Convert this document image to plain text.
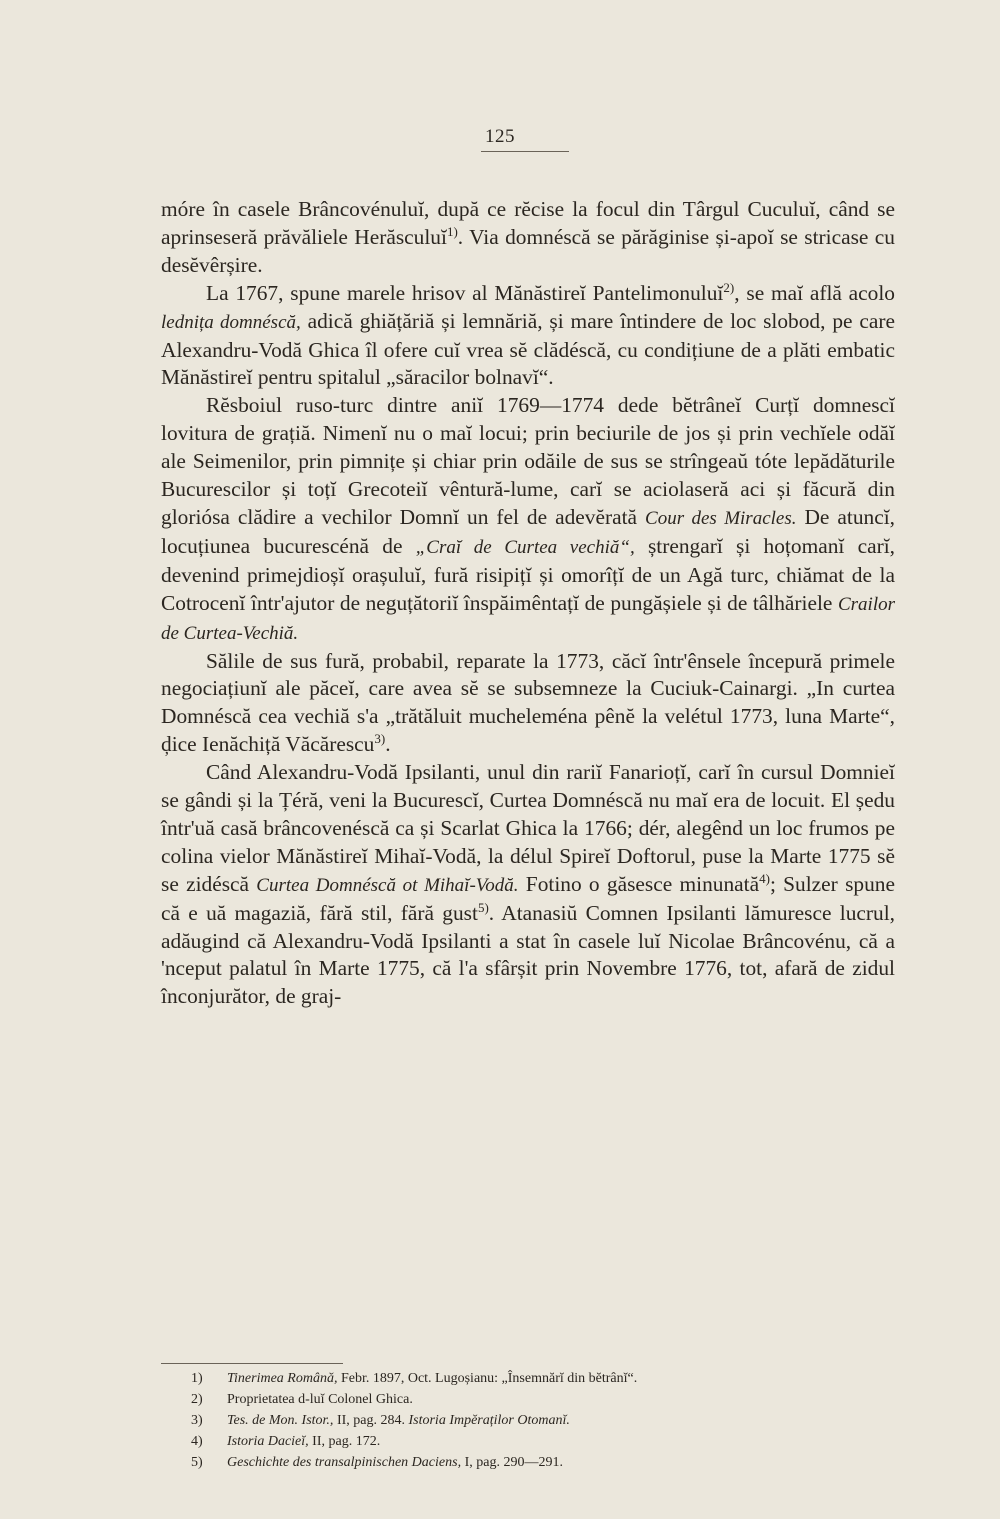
125

móre în casele Brâncovénuluĭ, după ce rĕcise la focul din Târgul Cuculuĭ, când se aprinseseră prăvăliele Herăsculuĭ$^{1)}$. Via domnéscă se părăginise și-apoĭ se stricase cu desĕvêrșire.

La 1767, spune marele hrisov al Mănăstireĭ Pantelimonuluĭ$^{2)}$, se maĭ află acolo lednița domnéscă, adică ghiățăriă și lemnăriă, și mare întindere de loc slobod, pe care Alexandru-Vodă Ghica îl ofere cuĭ vrea sĕ clădéscă, cu condițiune de a plăti embatic Mănăstireĭ pentru spitalul „săracilor bolnavĭ“.

Rĕsboiul ruso-turc dintre aniĭ 1769—1774 dede bĕtrâneĭ Curțĭ domnescĭ lovitura de grațiă. Nimenĭ nu o maĭ locui; prin beciurile de jos și prin vechĭele odăĭ ale Seimenilor, prin pimnițe și chiar prin odăile de sus se strîngeaŭ tóte lepădăturile Bucurescilor și toțĭ Grecoteiĭ vêntură-lume, carĭ se aciolaseră aci și făcură din glorіósa clădire a vechilor Domnĭ un fel de adevĕrată Cour des Miracles. De atuncĭ, locuțiunea bucurescénă de „Craĭ de Curtea vechiă“, ștrengarĭ și hoțomanĭ carĭ, devenind primejdioșĭ orașuluĭ, fură risipițĭ și omorîțĭ de un Agă turc, chiămat de la Cotrocenĭ într'ajutor de neguțătoriĭ înspăimêntațĭ de pungășiele și de tâlhăriele Crailor de Curtea-Vechiă.

Sălile de sus fură, probabil, reparate la 1773, căcĭ într'ênsele începură primele negociațiunĭ ale păceĭ, care avea sĕ se subsemneze la Cuciuk-Cainargi. „In curtea Domnéscă cea vechiă s'a „trătăluit mucheleména pênĕ la velétul 1773, luna Marte“, ḑice Ienăchiță Văcărescu$^{3)}$.

Când Alexandru-Vodă Ipsilanti, unul din rariĭ Fanarioțĭ, carĭ în cursul Domnieĭ se gândi și la Țéră, veni la Bucurescĭ, Curtea Domnéscă nu maĭ era de locuit. El ședu într'uă casă brâncovenéscă ca și Scarlat Ghica la 1766; dér, alegênd un loc frumos pe colina vielor Mănăstireĭ Mihaĭ-Vodă, la délul Spireĭ Doftorul, puse la Marte 1775 sĕ se zidéscă Curtea Domnéscă ot Mihaĭ-Vodă. Fotino o găsesce minunată$^{4)}$; Sulzer spune că e uă magaziă, fără stil, fără gust$^{5)}$. Atanasiŭ Comnen Ipsilanti lămuresce lucrul, adăugind că Alexandru-Vodă Ipsilanti a stat în casele luĭ Nicolae Brâncovénu, că a 'nceput palatul în Marte 1775, că l'a sfârșit prin Novembre 1776, tot, afară de zidul înconjurător, de graj-

1) Tinerimea Română, Febr. 1897, Oct. Lugoșianu: „Însemnărĭ din bĕtrânĭ“.
2) Proprietatea d-luĭ Colonel Ghica.
3) Tes. de Mon. Istor., II, pag. 284. Istoria Impĕraților Otomanĭ.
4) Istoria Dacieĭ, II, pag. 172.
5) Geschichte des transalpinischen Daciens, I, pag. 290—291.
